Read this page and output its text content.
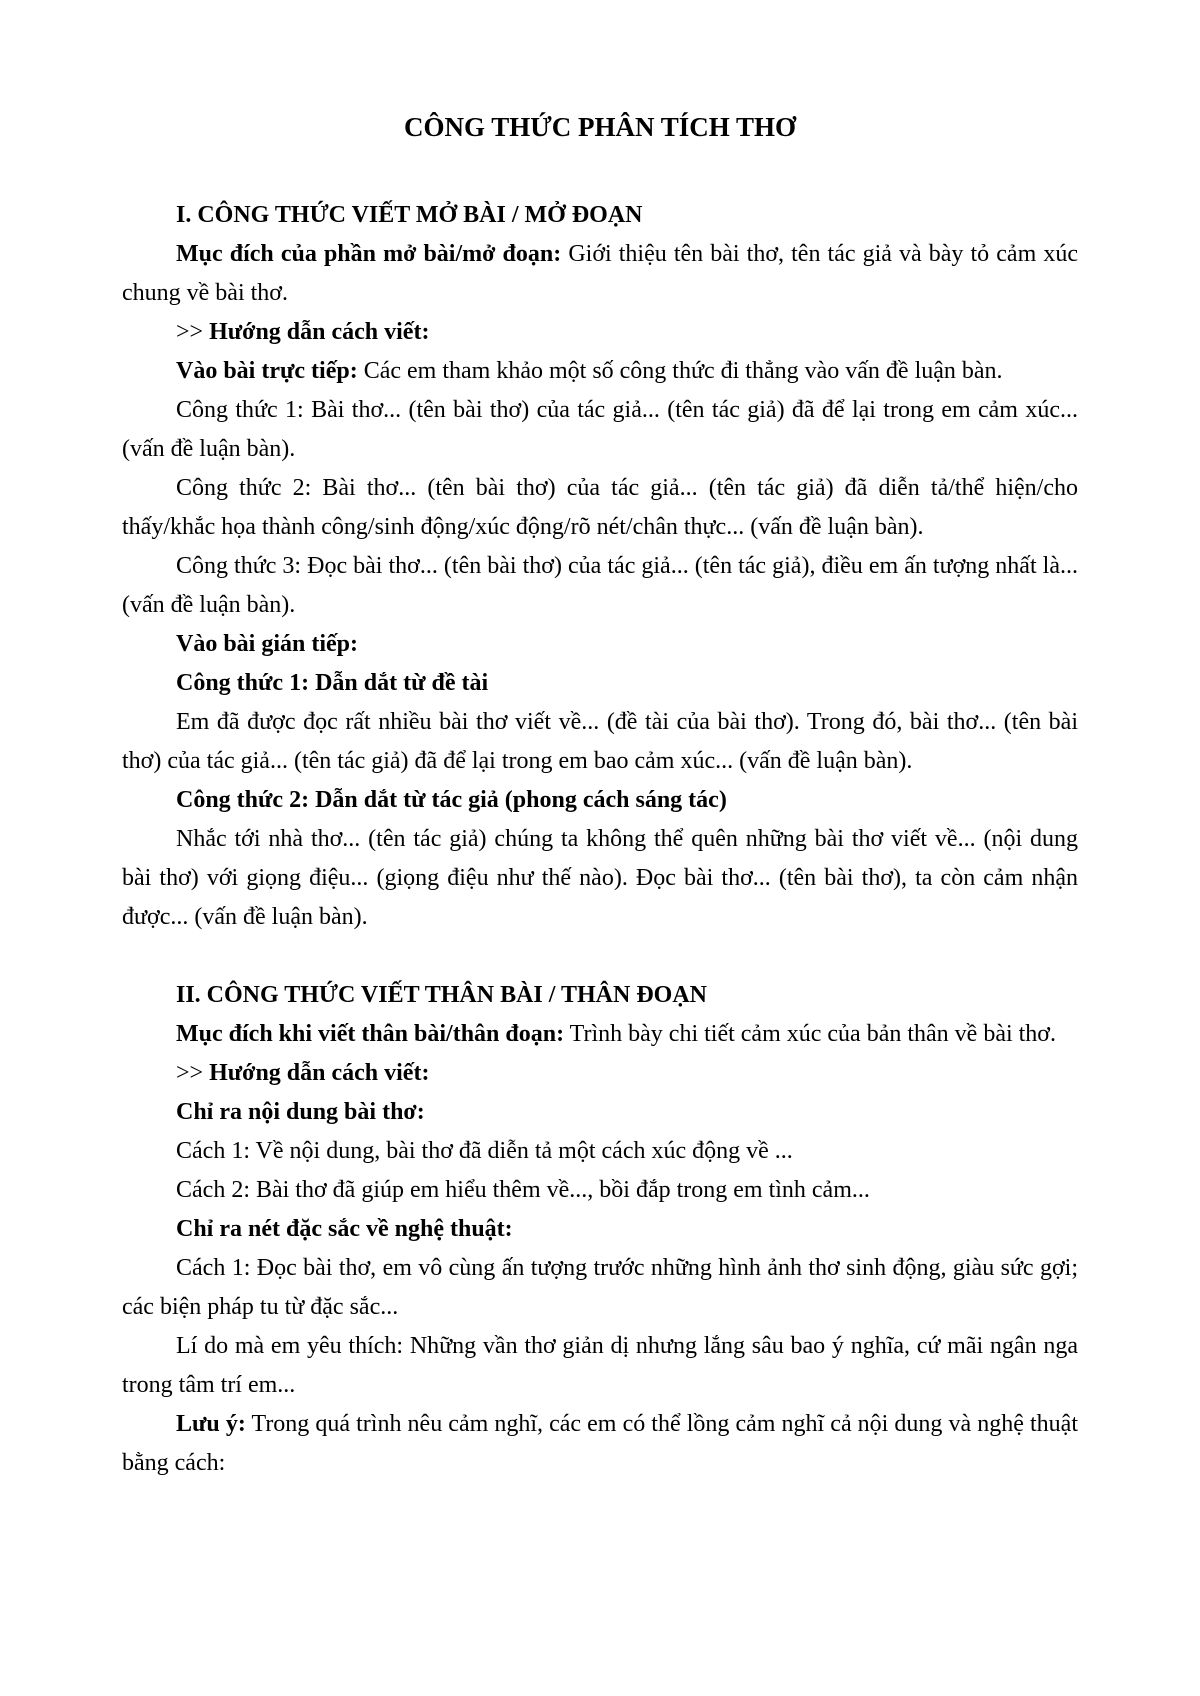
CÔNG THỨC PHÂN TÍCH THƠ

I. CÔNG THỨC VIẾT MỞ BÀI / MỞ ĐOẠN

Mục đích của phần mở bài/mở đoạn: Giới thiệu tên bài thơ, tên tác giả và bày tỏ cảm xúc chung về bài thơ.

>> Hướng dẫn cách viết:

Vào bài trực tiếp: Các em tham khảo một số công thức đi thẳng vào vấn đề luận bàn.

Công thức 1: Bài thơ... (tên bài thơ) của tác giả... (tên tác giả) đã để lại trong em cảm xúc... (vấn đề luận bàn).

Công thức 2: Bài thơ... (tên bài thơ) của tác giả... (tên tác giả) đã diễn tả/thể hiện/cho thấy/khắc họa thành công/sinh động/xúc động/rõ nét/chân thực... (vấn đề luận bàn).

Công thức 3: Đọc bài thơ... (tên bài thơ) của tác giả... (tên tác giả), điều em ấn tượng nhất là... (vấn đề luận bàn).

Vào bài gián tiếp:

Công thức 1: Dẫn dắt từ đề tài

Em đã được đọc rất nhiều bài thơ viết về... (đề tài của bài thơ). Trong đó, bài thơ... (tên bài thơ) của tác giả... (tên tác giả) đã để lại trong em bao cảm xúc... (vấn đề luận bàn).

Công thức 2: Dẫn dắt từ tác giả (phong cách sáng tác)

Nhắc tới nhà thơ... (tên tác giả) chúng ta không thể quên những bài thơ viết về... (nội dung bài thơ) với giọng điệu... (giọng điệu như thế nào). Đọc bài thơ... (tên bài thơ), ta còn cảm nhận được... (vấn đề luận bàn).

II. CÔNG THỨC VIẾT THÂN BÀI / THÂN ĐOẠN

Mục đích khi viết thân bài/thân đoạn: Trình bày chi tiết cảm xúc của bản thân về bài thơ.

>> Hướng dẫn cách viết:

Chỉ ra nội dung bài thơ:

Cách 1: Về nội dung, bài thơ đã diễn tả một cách xúc động về ...

Cách 2: Bài thơ đã giúp em hiểu thêm về..., bồi đắp trong em tình cảm...

Chỉ ra nét đặc sắc về nghệ thuật:

Cách 1: Đọc bài thơ, em vô cùng ấn tượng trước những hình ảnh thơ sinh động, giàu sức gợi; các biện pháp tu từ đặc sắc...

Lí do mà em yêu thích: Những vần thơ giản dị nhưng lắng sâu bao ý nghĩa, cứ mãi ngân nga trong tâm trí em...

Lưu ý: Trong quá trình nêu cảm nghĩ, các em có thể lồng cảm nghĩ cả nội dung và nghệ thuật bằng cách:
